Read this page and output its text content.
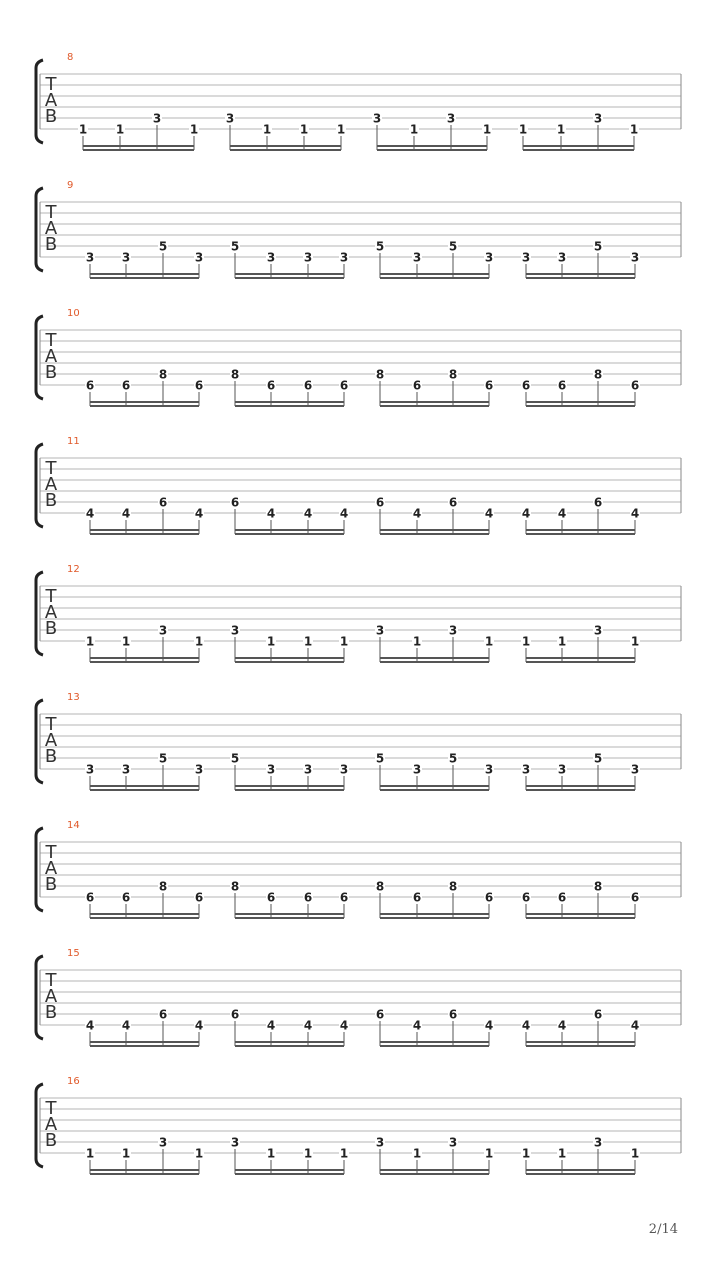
8
T
A
B
1 1
3
1
3
1 1 1
3
1
3
1 1 1
3
1
9
T
A
B
3 3
5
3
5
3 3 3
5
3
5
3 3 3
5
3
10
T
A
B
6 6
8
6
8
6 6 6
8
6
8
6 6 6
8
6
11
T
A
B
4 4
6
4
6
4 4 4
6
4
6
4 4 4
6
4
12
T
A
B
1 1
3
1
3
1 1 1
3
1
3
1 1 1
3
1
13
T
A
B
3 3
5
3
5
3 3 3
5
3
5
3 3 3
5
3
14
T
A
B
6 6
8
6
8
6 6 6
8
6
8
6 6 6
8
6
15
T
A
B
4 4
6
4
6
4 4 4
6
4
6
4 4 4
6
4
16
T
A
B
1 1
3
1
3
1 1 1
3
1
3
1 1 1
3
1
2/14
